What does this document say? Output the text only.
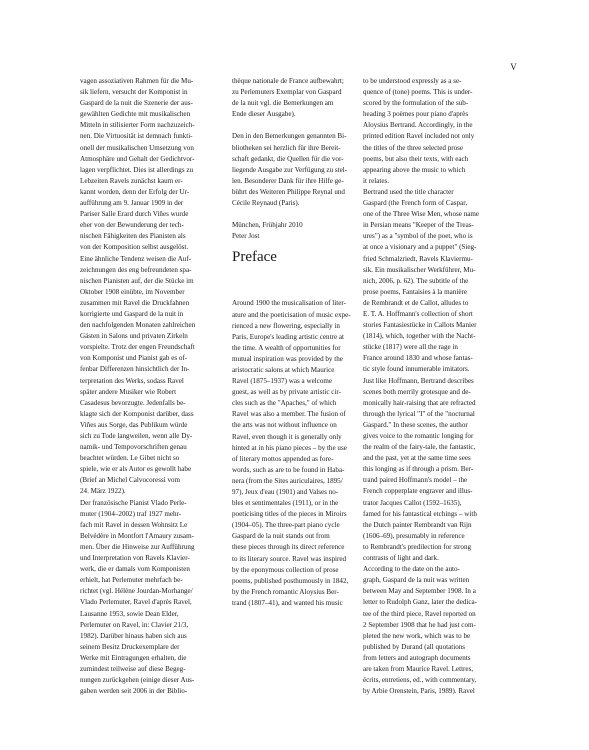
V
vagen assoziativen Rahmen für die Mu-
sik liefern, versucht der Komponist in
Gaspard de la nuit die Szenerie der aus-
gewählten Gedichte mit musikalischen
Mitteln in stilisierter Form nachzuzeich-
nen. Die Virtuosität ist demnach funkti-
onell der musikalischen Umsetzung von
Atmosphäre und Gehalt der Gedichtvor-
lagen verpflichtet. Dies ist allerdings zu
Lebzeiten Ravels zunächst kaum er-
kannt worden, denn der Erfolg der Ur-
aufführung am 9. Januar 1909 in der
Pariser Salle Erard durch Viñes wurde
eher von der Bewunderung der tech-
nischen Fähigkeiten des Pianisten als
von der Komposition selbst ausgelöst.
Eine ähnliche Tendenz weisen die Auf-
zeichnungen des eng befreundeten spa-
nischen Pianisten auf, der die Stücke im
Oktober 1908 einübte, im November
zusammen mit Ravel die Druckfahnen
korrigierte und Gaspard de la nuit in
den nachfolgenden Monaten zahlreichen
Gästen in Salons und privaten Zirkeln
vorspielte. Trotz der engen Freundschaft
von Komponist und Pianist gab es of-
fenbar Differenzen hinsichtlich der In-
terpretation des Werks, sodass Ravel
später andere Musiker wie Robert
Casadesus bevorzugte. Jedenfalls be-
klagte sich der Komponist darüber, dass
Viñes aus Sorge, das Publikum würde
sich zu Tode langweilen, wenn alle Dy-
namik- und Tempovorschriften genau
beachtet würden. Le Gibet nicht so
spiele, wie er als Autor es gewollt habe
(Brief an Michel Calvocoressi vom
24. März 1922).
Der französische Pianist Vlado Perle-
muter (1904–2002) traf 1927 mehr-
fach mit Ravel in dessen Wohnsitz Le
Belvédère in Montfort l'Amaury zusam-
men. Über die Hinweise zur Aufführung
und Interpretation von Ravels Klavier-
werk, die er damals vom Komponisten
erhielt, hat Perlemuter mehrfach be-
richtet (vgl. Hélène Jourdan-Morhange/
Vlado Perlemuter, Ravel d'après Ravel,
Lausanne 1953, sowie Dean Elder,
Perlemuter on Ravel, in: Clavier 21/3,
1982). Darüber hinaus haben sich aus
seinem Besitz Druckexemplare der
Werke mit Eintragungen erhalten, die
zumindest teilweise auf diese Begeg-
nungen zurückgehen (einige dieser Aus-
gaben werden seit 2006 in der Biblio-
thèque nationale de France aufbewahrt;
zu Perlemuters Exemplar von Gaspard
de la nuit vgl. die Bemerkungen am
Ende dieser Ausgabe).
Den in den Bemerkungen genannten Bi-
bliotheken sei herzlich für ihre Bereit-
schaft gedankt, die Quellen für die vor-
liegende Ausgabe zur Verfügung zu stel-
len. Besonderer Dank für ihre Hilfe ge-
bührt des Weiteren Philippe Reynal und
Cécile Reynaud (Paris).
München, Frühjahr 2010
Peter Jost
Preface
Around 1900 the musicalisation of liter-
ature and the poeticisation of music expe-
rienced a new flowering, especially in
Paris, Europe's leading artistic centre at
the time. A wealth of opportunities for
mutual inspiration was provided by the
aristocratic salons at which Maurice
Ravel (1875–1937) was a welcome
guest, as well as by private artistic cir-
cles such as the "Apaches," of which
Ravel was also a member. The fusion of
the arts was not without influence on
Ravel, even though it is generally only
hinted at in his piano pieces – by the use
of literary mottos appended as fore-
words, such as are to be found in Haba-
nera (from the Sites auriculaires, 1895/
97), Jeux d'eau (1901) and Valses no-
bles et sentimentales (1911), or in the
poeticising titles of the pieces in Miroirs
(1904–05). The three-part piano cycle
Gaspard de la nuit stands out from
these pieces through its direct reference
to its literary source. Ravel was inspired
by the eponymous collection of prose
poems, published posthumously in 1842,
by the French romantic Aloysius Ber-
trand (1807–41), and wanted his music
to be understood expressly as a se-
quence of (tone) poems. This is under-
scored by the formulation of the sub-
heading 3 poèmes pour piano d'après
Aloysius Bertrand. Accordingly, in the
printed edition Ravel included not only
the titles of the three selected prose
poems, but also their texts, with each
appearing above the music to which
it relates.
Bertrand used the title character
Gaspard (the French form of Caspar,
one of the Three Wise Men, whose name
in Persian means "Keeper of the Treas-
ures") as a "symbol of the poet, who is
at once a visionary and a puppet" (Sieg-
fried Schmalzriedt, Ravels Klaviermu-
sik. Ein musikalischer Werkführer, Mu-
nich, 2006, p. 62). The subtitle of the
prose poems, Fantaisies à la manière
de Rembrandt et de Callot, alludes to
E. T. A. Hoffmann's collection of short
stories Fantasiestücke in Callots Manier
(1814), which, together with the Nacht-
stücke (1817) were all the rage in
France around 1830 and whose fantas-
tic style found innumerable imitators.
Just like Hoffmann, Bertrand describes
scenes both merrily grotesque and de-
monically hair-raising that are refracted
through the lyrical "I" of the "nocturnal
Gaspard." In these scenes, the author
gives voice to the romantic longing for
the realm of the fairy-tale, the fantastic,
and the past, yet at the same time sees
this longing as if through a prism. Ber-
trand paired Hoffmann's model – the
French copperplate engraver and illus-
trator Jacques Callot (1592–1635),
famed for his fantastical etchings – with
the Dutch painter Rembrandt van Rijn
(1606–69), presumably in reference
to Rembrandt's predilection for strong
contrasts of light and dark.
According to the date on the auto-
graph, Gaspard de la nuit was written
between May and September 1908. In a
letter to Rudolph Ganz, later the dedica-
tee of the third piece, Ravel reported on
2 September 1908 that he had just com-
pleted the new work, which was to be
published by Durand (all quotations
from letters and autograph documents
are taken from Maurice Ravel. Lettres,
écrits, entretiens, ed., with commentary,
by Arbie Orenstein, Paris, 1989). Ravel
